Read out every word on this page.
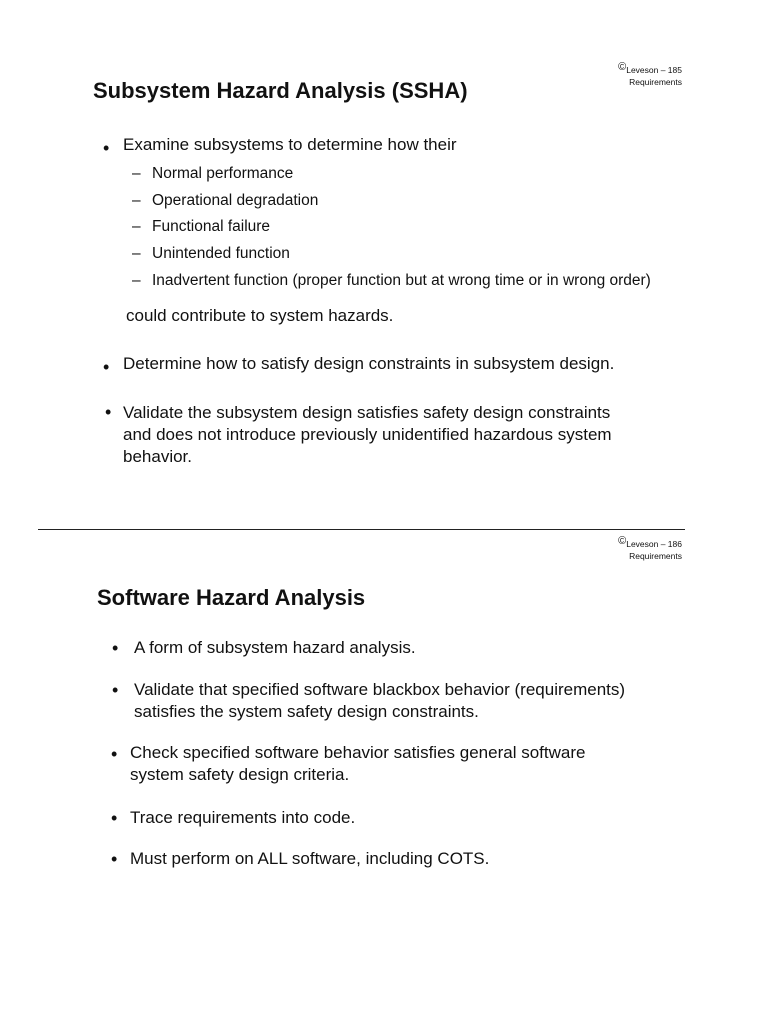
©Leveson – 185
Requirements
Subsystem Hazard Analysis (SSHA)
• Examine subsystems to determine how their
– Normal performance
– Operational degradation
– Functional failure
– Unintended function
– Inadvertent function (proper function but at wrong time or in wrong order)
could contribute to system hazards.
• Determine how to satisfy design constraints in subsystem design.
• Validate the subsystem design satisfies safety design constraints
and does not introduce previously unidentified hazardous system
behavior.
©Leveson – 186
Requirements
Software Hazard Analysis
• A form of subsystem hazard analysis.
• Validate that specified software blackbox behavior (requirements)
satisfies the system safety design constraints.
• Check specified software behavior satisfies general software
system safety design criteria.
• Trace requirements into code.
• Must perform on ALL software, including COTS.
